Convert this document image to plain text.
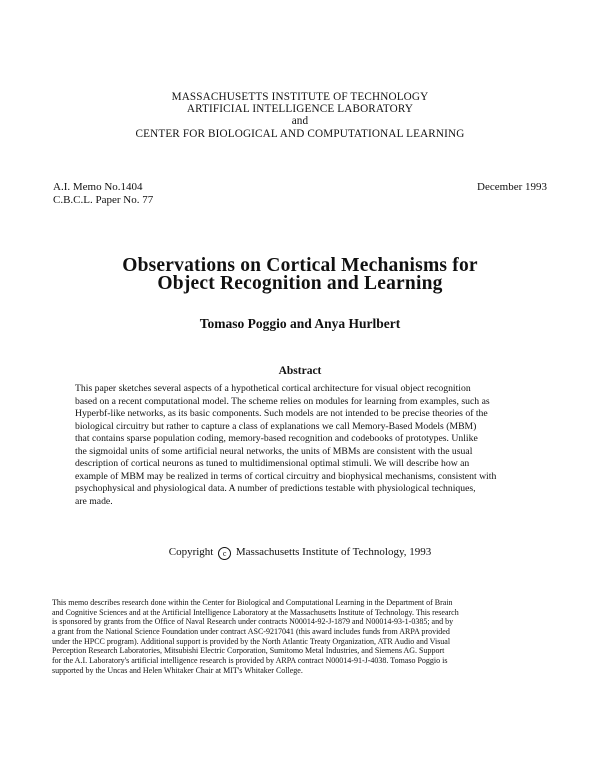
MASSACHUSETTS INSTITUTE OF TECHNOLOGY
ARTIFICIAL INTELLIGENCE LABORATORY
and
CENTER FOR BIOLOGICAL AND COMPUTATIONAL LEARNING
A.I. Memo No.1404
C.B.C.L. Paper No. 77
December 1993
Observations on Cortical Mechanisms for
Object Recognition and Learning
Tomaso Poggio and Anya Hurlbert
Abstract
This paper sketches several aspects of a hypothetical cortical architecture for visual object recognition
based on a recent computational model. The scheme relies on modules for learning from examples, such as
Hyperbf-like networks, as its basic components. Such models are not intended to be precise theories of the
biological circuitry but rather to capture a class of explanations we call Memory-Based Models (MBM)
that contains sparse population coding, memory-based recognition and codebooks of prototypes. Unlike
the sigmoidal units of some artificial neural networks, the units of MBMs are consistent with the usual
description of cortical neurons as tuned to multidimensional optimal stimuli. We will describe how an
example of MBM may be realized in terms of cortical circuitry and biophysical mechanisms, consistent with
psychophysical and physiological data. A number of predictions testable with physiological techniques,
are made.
Copyright c Massachusetts Institute of Technology, 1993
This memo describes research done within the Center for Biological and Computational Learning in the Department of Brain
and Cognitive Sciences and at the Artificial Intelligence Laboratory at the Massachusetts Institute of Technology. This research
is sponsored by grants from the Office of Naval Research under contracts N00014-92-J-1879 and N00014-93-1-0385; and by
a grant from the National Science Foundation under contract ASC-9217041 (this award includes funds from ARPA provided
under the HPCC program). Additional support is provided by the North Atlantic Treaty Organization, ATR Audio and Visual
Perception Research Laboratories, Mitsubishi Electric Corporation, Sumitomo Metal Industries, and Siemens AG. Support
for the A.I. Laboratory's artificial intelligence research is provided by ARPA contract N00014-91-J-4038. Tomaso Poggio is
supported by the Uncas and Helen Whitaker Chair at MIT's Whitaker College.
